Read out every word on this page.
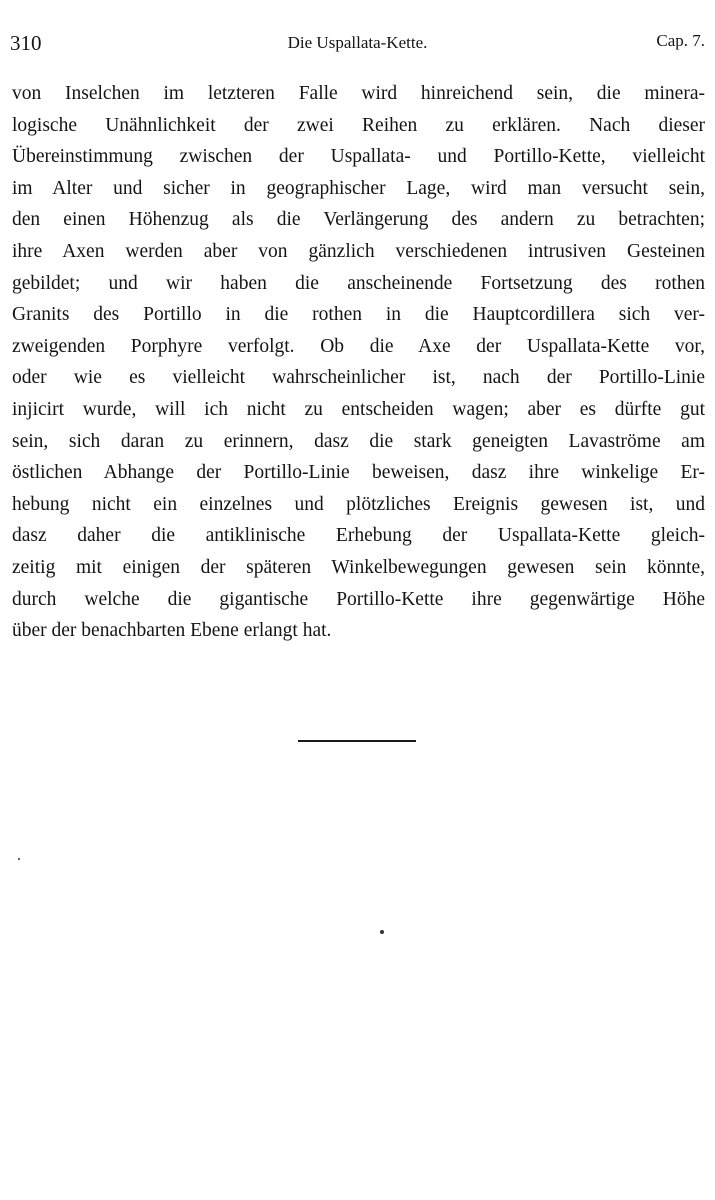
310	Die Uspallata-Kette.	Cap. 7.
von Inselchen im letzteren Falle wird hinreichend sein, die minera-
logische Unähnlichkeit der zwei Reihen zu erklären. Nach dieser
Übereinstimmung zwischen der Uspallata- und Portillo-Kette, vielleicht
im Alter und sicher in geographischer Lage, wird man versucht sein,
den einen Höhenzug als die Verlängerung des andern zu betrachten;
ihre Axen werden aber von gänzlich verschiedenen intrusiven Gesteinen
gebildet; und wir haben die anscheinende Fortsetzung des rothen
Granits des Portillo in die rothen in die Hauptcordillera sich ver-
zweigenden Porphyre verfolgt. Ob die Axe der Uspallata-Kette vor,
oder wie es vielleicht wahrscheinlicher ist, nach der Portillo-Linie
injicirt wurde, will ich nicht zu entscheiden wagen; aber es dürfte gut
sein, sich daran zu erinnern, dasz die stark geneigten Lavaströme am
östlichen Abhange der Portillo-Linie beweisen, dasz ihre winkelige Er-
hebung nicht ein einzelnes und plötzliches Ereignis gewesen ist, und
dasz daher die antiklinische Erhebung der Uspallata-Kette gleich-
zeitig mit einigen der späteren Winkelbewegungen gewesen sein könnte,
durch welche die gigantische Portillo-Kette ihre gegenwärtige Höhe
über der benachbarten Ebene erlangt hat.
